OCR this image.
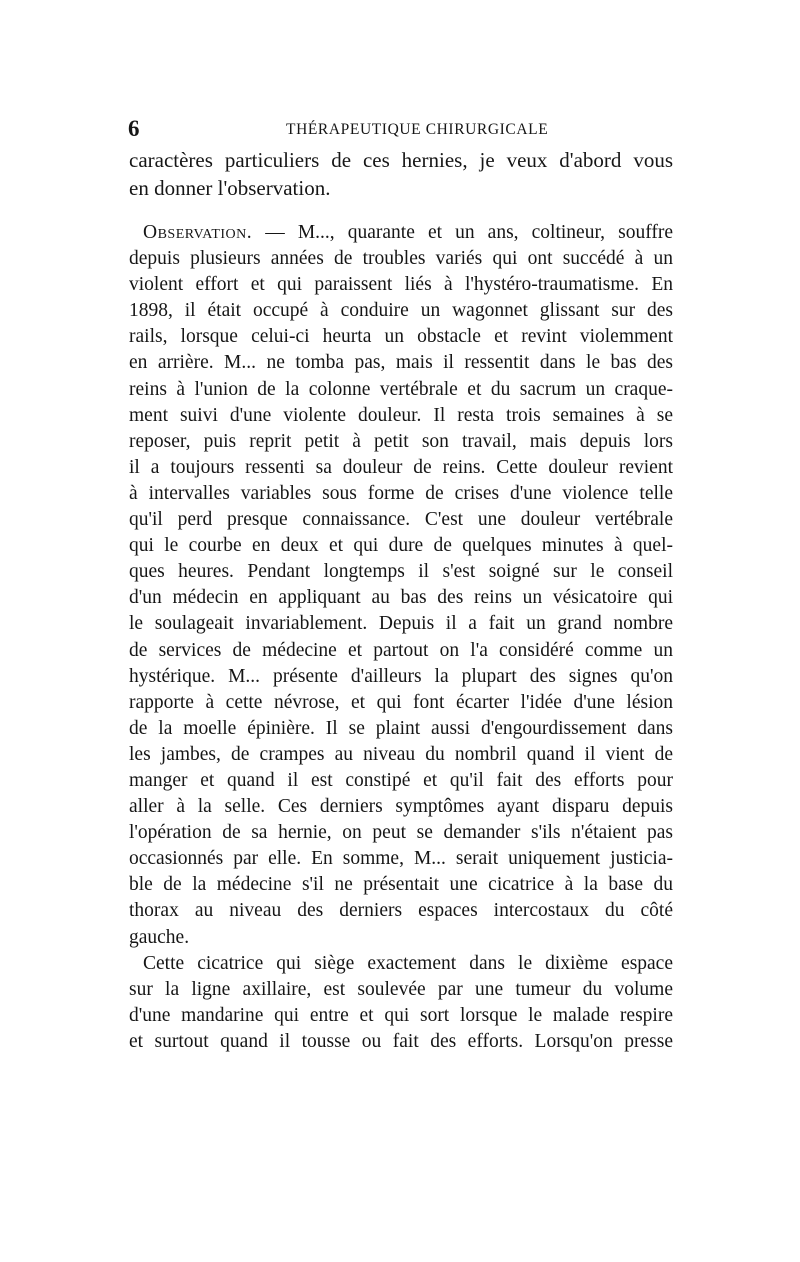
6	THÉRAPEUTIQUE CHIRURGICALE
caractères particuliers de ces hernies, je veux d'abord vous
en donner l'observation.
Observation. — M..., quarante et un ans, coltineur, souffre
depuis plusieurs années de troubles variés qui ont succédé à un
violent effort et qui paraissent liés à l'hystéro-traumatisme. En
1898, il était occupé à conduire un wagonnet glissant sur des
rails, lorsque celui-ci heurta un obstacle et revint violemment
en arrière. M... ne tomba pas, mais il ressentit dans le bas des
reins à l'union de la colonne vertébrale et du sacrum un craque-
ment suivi d'une violente douleur. Il resta trois semaines à se
reposer, puis reprit petit à petit son travail, mais depuis lors
il a toujours ressenti sa douleur de reins. Cette douleur revient
à intervalles variables sous forme de crises d'une violence telle
qu'il perd presque connaissance. C'est une douleur vertébrale
qui le courbe en deux et qui dure de quelques minutes à quel-
ques heures. Pendant longtemps il s'est soigné sur le conseil
d'un médecin en appliquant au bas des reins un vésicatoire qui
le soulageait invariablement. Depuis il a fait un grand nombre
de services de médecine et partout on l'a considéré comme un
hystérique. M... présente d'ailleurs la plupart des signes qu'on
rapporte à cette névrose, et qui font écarter l'idée d'une lésion
de la moelle épinière. Il se plaint aussi d'engourdissement dans
les jambes, de crampes au niveau du nombril quand il vient de
manger et quand il est constipé et qu'il fait des efforts pour
aller à la selle. Ces derniers symptômes ayant disparu depuis
l'opération de sa hernie, on peut se demander s'ils n'étaient pas
occasionnés par elle. En somme, M... serait uniquement justicia-
ble de la médecine s'il ne présentait une cicatrice à la base du
thorax au niveau des derniers espaces intercostaux du côté
gauche.
Cette cicatrice qui siège exactement dans le dixième espace
sur la ligne axillaire, est soulevée par une tumeur du volume
d'une mandarine qui entre et qui sort lorsque le malade respire
et surtout quand il tousse ou fait des efforts. Lorsqu'on presse
